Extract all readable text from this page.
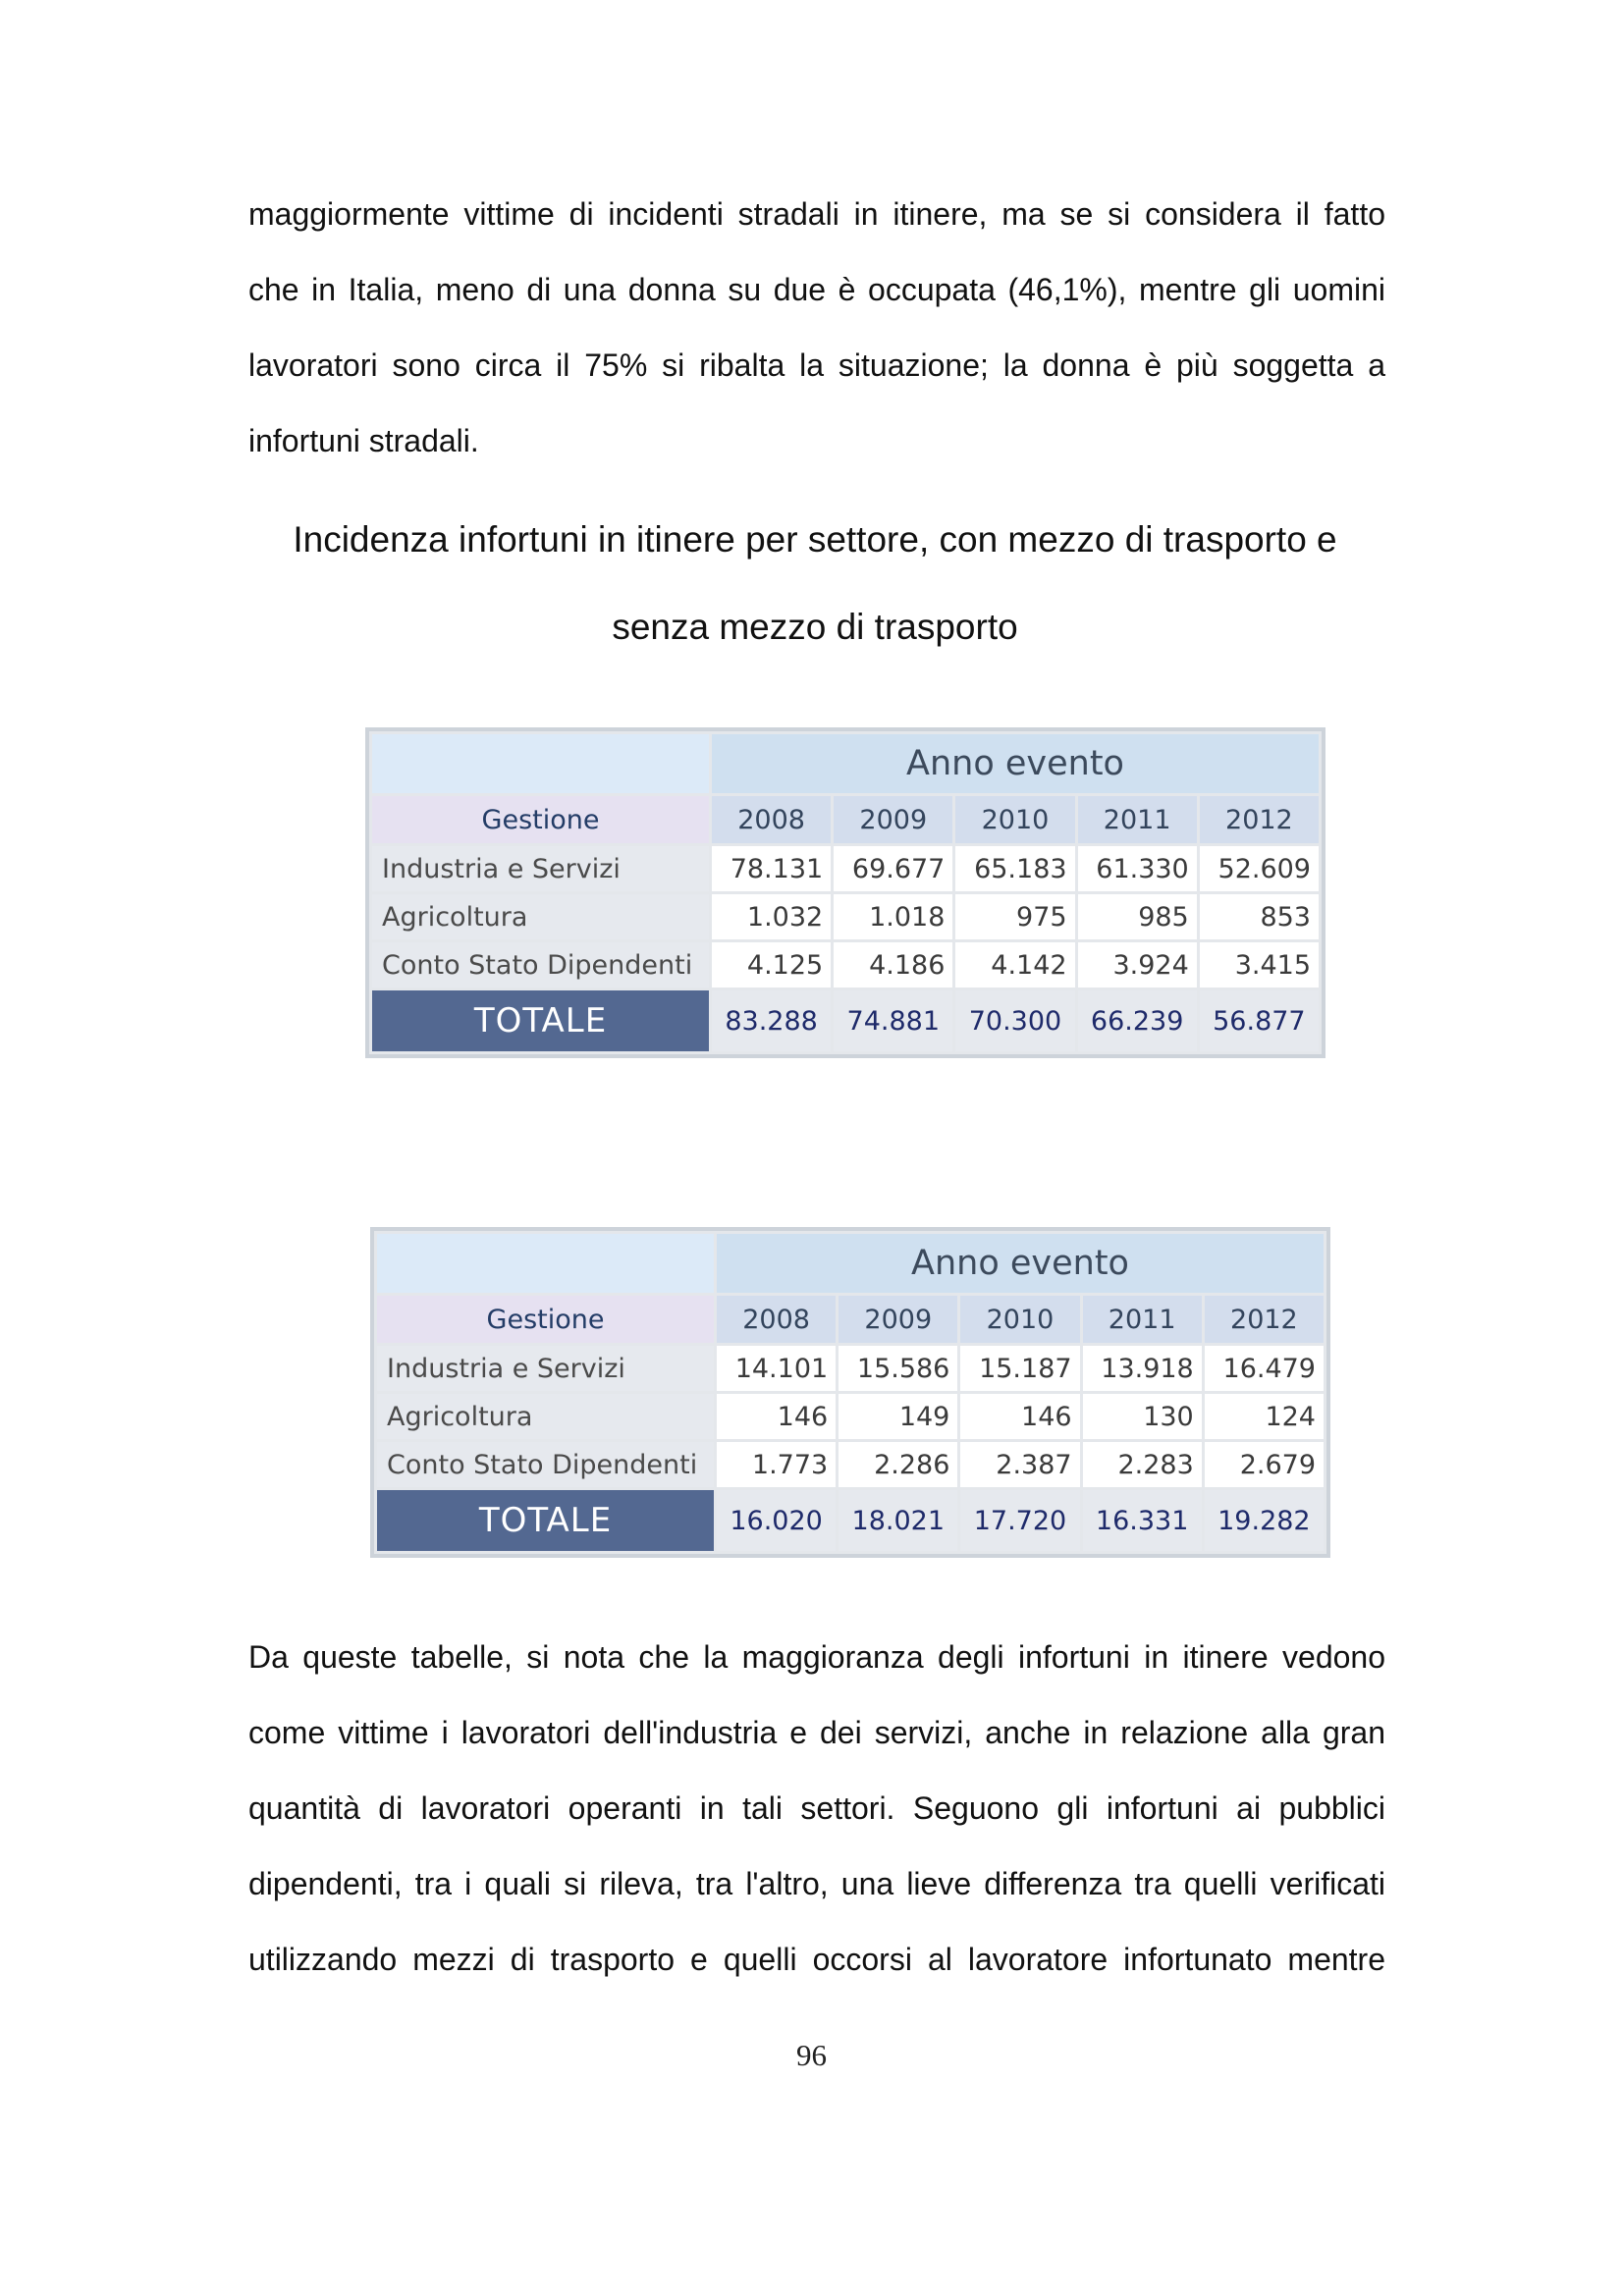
maggiormente vittime di incidenti stradali in itinere, ma se si considera il fatto
che in Italia, meno di una donna su due è occupata (46,1%), mentre gli uomini
lavoratori sono circa il 75% si ribalta la situazione; la donna è più soggetta a
infortuni stradali.

Incidenza infortuni in itinere per settore, con mezzo di trasporto e
senza mezzo di trasporto
	Anno evento				
Gestione	2008	2009	2010	2011	2012
Industria e Servizi	78.131	69.677	65.183	61.330	52.609
Agricoltura	1.032	1.018	975	985	853
Conto Stato Dipendenti	4.125	4.186	4.142	3.924	3.415
TOTALE	83.288	74.881	70.300	66.239	56.877
	Anno evento				
Gestione	2008	2009	2010	2011	2012
Industria e Servizi	14.101	15.586	15.187	13.918	16.479
Agricoltura	146	149	146	130	124
Conto Stato Dipendenti	1.773	2.286	2.387	2.283	2.679
TOTALE	16.020	18.021	17.720	16.331	19.282

Da queste tabelle, si nota che la maggioranza degli infortuni in itinere vedono
come vittime i lavoratori dell'industria e dei servizi, anche in relazione alla gran
quantità di lavoratori operanti in tali settori. Seguono gli infortuni ai pubblici
dipendenti, tra i quali si rileva, tra l'altro, una lieve differenza tra quelli verificati
utilizzando mezzi di trasporto e quelli occorsi al lavoratore infortunato mentre

96
